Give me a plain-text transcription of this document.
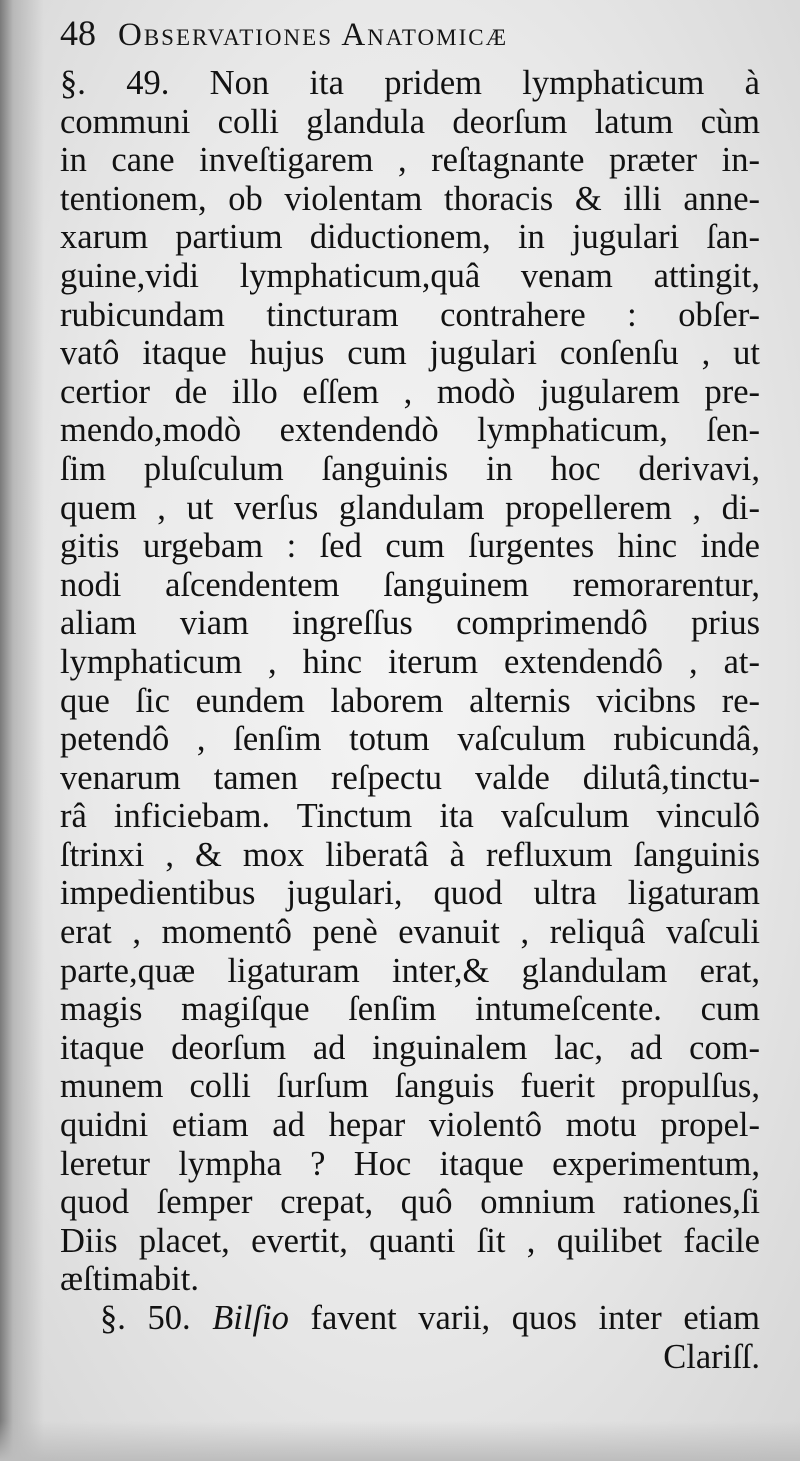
48 Observationes Anatomicæ
§. 49. Non ita pridem lymphaticum à
communi colli glandula deorſum latum cùm
in cane inveſtigarem , reſtagnante præter in-
tentionem, ob violentam thoracis & illi anne-
xarum partium diductionem, in jugulari ſan-
guine,vidi lymphaticum,quâ venam attingit,
rubicundam tincturam contrahere : obſer-
vatô itaque hujus cum jugulari conſenſu , ut
certior de illo eſſem , modò jugularem pre-
mendo,modò extendendò lymphaticum, ſen-
ſim pluſculum ſanguinis in hoc derivavi,
quem , ut verſus glandulam propellerem , di-
gitis urgebam : ſed cum ſurgentes hinc inde
nodi aſcendentem ſanguinem remorarentur,
aliam viam ingreſſus comprimendô prius
lymphaticum , hinc iterum extendendô , at-
que ſic eundem laborem alternis vicibns re-
petendô , ſenſim totum vaſculum rubicundâ,
venarum tamen reſpectu valde dilutâ,tinctu-
râ inficiebam. Tinctum ita vaſculum vinculô
ſtrinxi , & mox liberatâ à refluxum ſanguinis
impedientibus jugulari, quod ultra ligaturam
erat , momentô penè evanuit , reliquâ vaſculi
parte,quæ ligaturam inter,& glandulam erat,
magis magiſque ſenſim intumeſcente. cum
itaque deorſum ad inguinalem lac, ad com-
munem colli ſurſum ſanguis fuerit propulſus,
quidni etiam ad hepar violentô motu propel-
leretur lympha ? Hoc itaque experimentum,
quod ſemper crepat, quô omnium rationes,ſi
Diis placet, evertit, quanti ſit , quilibet facile
æſtimabit.
§. 50. Bilſio favent varii, quos inter etiam
Clariſſ.
